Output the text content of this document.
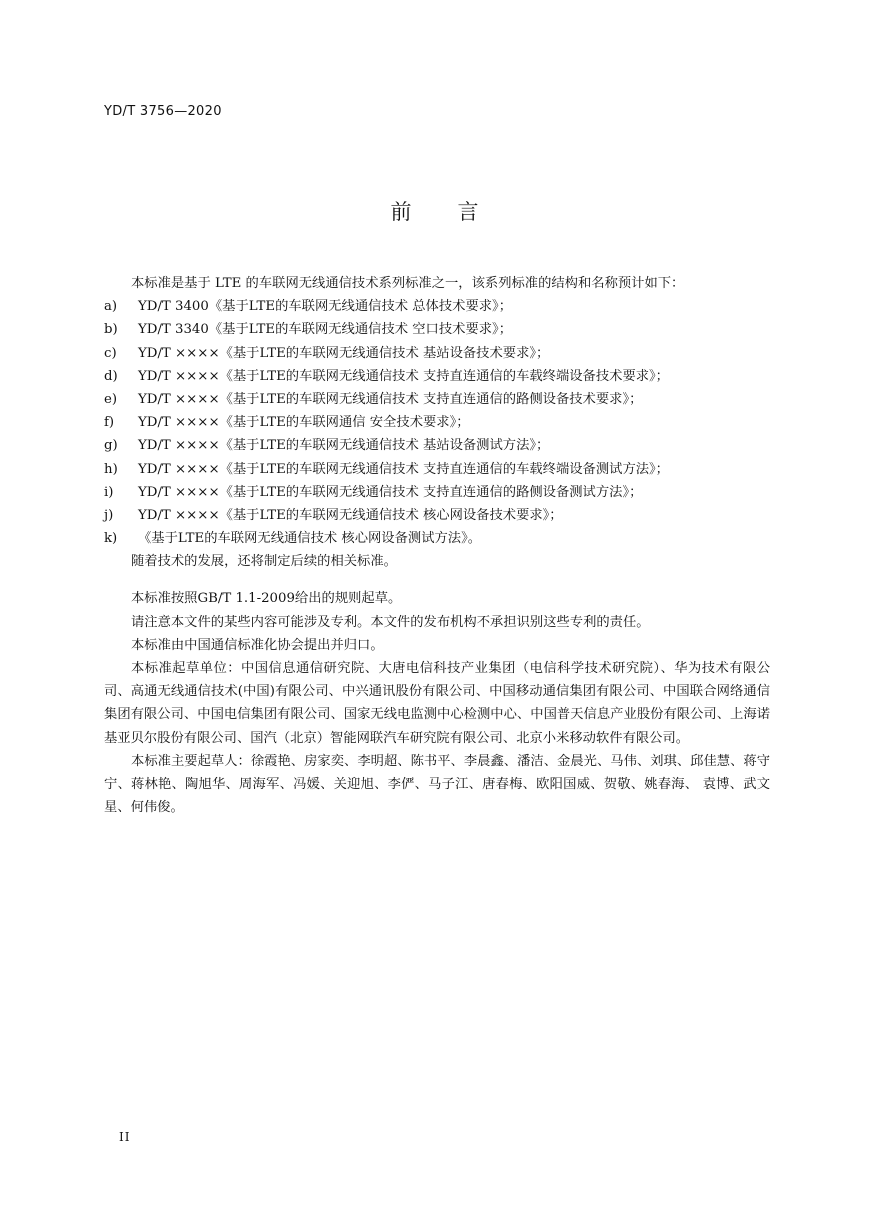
YD/T 3756—2020
前 言
本标准是基于 LTE 的车联网无线通信技术系列标准之一，该系列标准的结构和名称预计如下：
a) YD/T 3400《基于LTE的车联网无线通信技术 总体技术要求》；
b) YD/T 3340《基于LTE的车联网无线通信技术 空口技术要求》；
c) YD/T ××××《基于LTE的车联网无线通信技术 基站设备技术要求》；
d) YD/T ××××《基于LTE的车联网无线通信技术 支持直连通信的车载终端设备技术要求》；
e) YD/T ××××《基于LTE的车联网无线通信技术 支持直连通信的路侧设备技术要求》；
f) YD/T ××××《基于LTE的车联网通信 安全技术要求》；
g) YD/T ××××《基于LTE的车联网无线通信技术 基站设备测试方法》；
h) YD/T ××××《基于LTE的车联网无线通信技术 支持直连通信的车载终端设备测试方法》；
i) YD/T ××××《基于LTE的车联网无线通信技术 支持直连通信的路侧设备测试方法》；
j) YD/T ××××《基于LTE的车联网无线通信技术 核心网设备技术要求》；
k) 《基于LTE的车联网无线通信技术 核心网设备测试方法》。
随着技术的发展，还将制定后续的相关标准。
本标准按照GB/T 1.1-2009给出的规则起草。
请注意本文件的某些内容可能涉及专利。本文件的发布机构不承担识别这些专利的责任。
本标准由中国通信标准化协会提出并归口。
本标准起草单位：中国信息通信研究院、大唐电信科技产业集团（电信科学技术研究院）、华为技术有限公司、高通无线通信技术(中国)有限公司、中兴通讯股份有限公司、中国移动通信集团有限公司、中国联合网络通信集团有限公司、中国电信集团有限公司、国家无线电监测中心检测中心、中国普天信息产业股份有限公司、上海诺基亚贝尔股份有限公司、国汽（北京）智能网联汽车研究院有限公司、北京小米移动软件有限公司。
本标准主要起草人：徐霞艳、房家奕、李明超、陈书平、李晨鑫、潘洁、金晨光、马伟、刘琪、邱佳慧、蒋守宁、蒋林艳、陶旭华、周海军、冯媛、关迎旭、李俨、马子江、唐春梅、欧阳国威、贺敬、姚春海、 袁博、武文星、何伟俊。
II
